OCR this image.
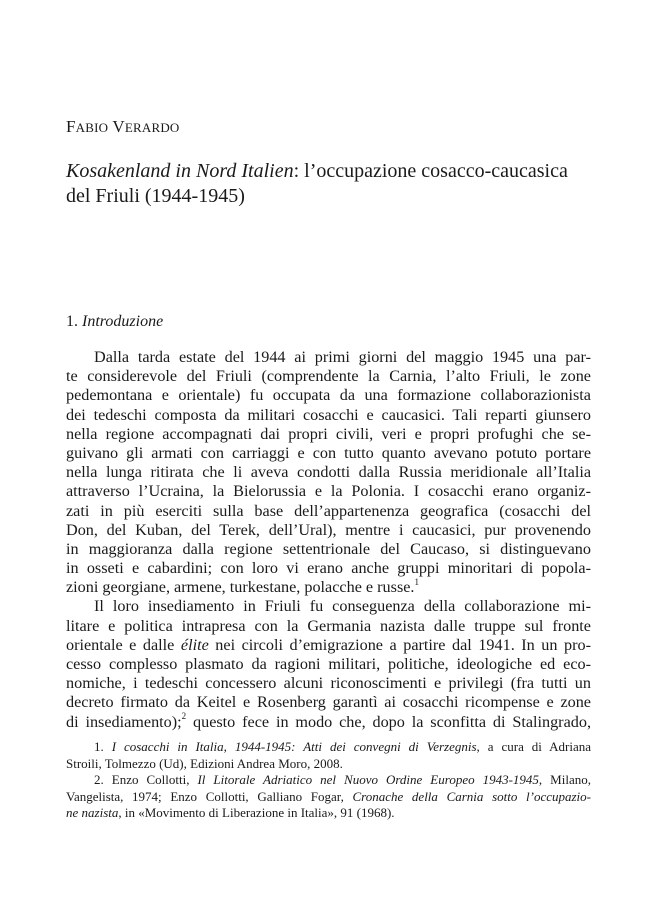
FABIO VERARDO
Kosakenland in Nord Italien: l’occupazione cosacco-caucasica
del Friuli (1944-1945)
1. Introduzione
Dalla tarda estate del 1944 ai primi giorni del maggio 1945 una par-
te considerevole del Friuli (comprendente la Carnia, l’alto Friuli, le zone
pedemontana e orientale) fu occupata da una formazione collaborazionista
dei tedeschi composta da militari cosacchi e caucasici. Tali reparti giunsero
nella regione accompagnati dai propri civili, veri e propri profughi che se-
guivano gli armati con carriaggi e con tutto quanto avevano potuto portare
nella lunga ritirata che li aveva condotti dalla Russia meridionale all’Italia
attraverso l’Ucraina, la Bielorussia e la Polonia. I cosacchi erano organiz-
zati in più eserciti sulla base dell’appartenenza geografica (cosacchi del
Don, del Kuban, del Terek, dell’Ural), mentre i caucasici, pur provenendo
in maggioranza dalla regione settentrionale del Caucaso, si distinguevano
in osseti e cabardini; con loro vi erano anche gruppi minoritari di popola-
zioni georgiane, armene, turkestane, polacche e russe.$^1$
Il loro insediamento in Friuli fu conseguenza della collaborazione mi-
litare e politica intrapresa con la Germania nazista dalle truppe sul fronte
orientale e dalle élite nei circoli d’emigrazione a partire dal 1941. In un pro-
cesso complesso plasmato da ragioni militari, politiche, ideologiche ed eco-
nomiche, i tedeschi concessero alcuni riconoscimenti e privilegi (fra tutti un
decreto firmato da Keitel e Rosenberg garantì ai cosacchi ricompense e zone
di insediamento);$^2$ questo fece in modo che, dopo la sconfitta di Stalingrado,
1. I cosacchi in Italia, 1944-1945: Atti dei convegni di Verzegnis, a cura di Adriana
Stroili, Tolmezzo (Ud), Edizioni Andrea Moro, 2008.
2. Enzo Collotti, Il Litorale Adriatico nel Nuovo Ordine Europeo 1943-1945, Milano,
Vangelista, 1974; Enzo Collotti, Galliano Fogar, Cronache della Carnia sotto l’occupazio-
ne nazista, in «Movimento di Liberazione in Italia», 91 (1968).
